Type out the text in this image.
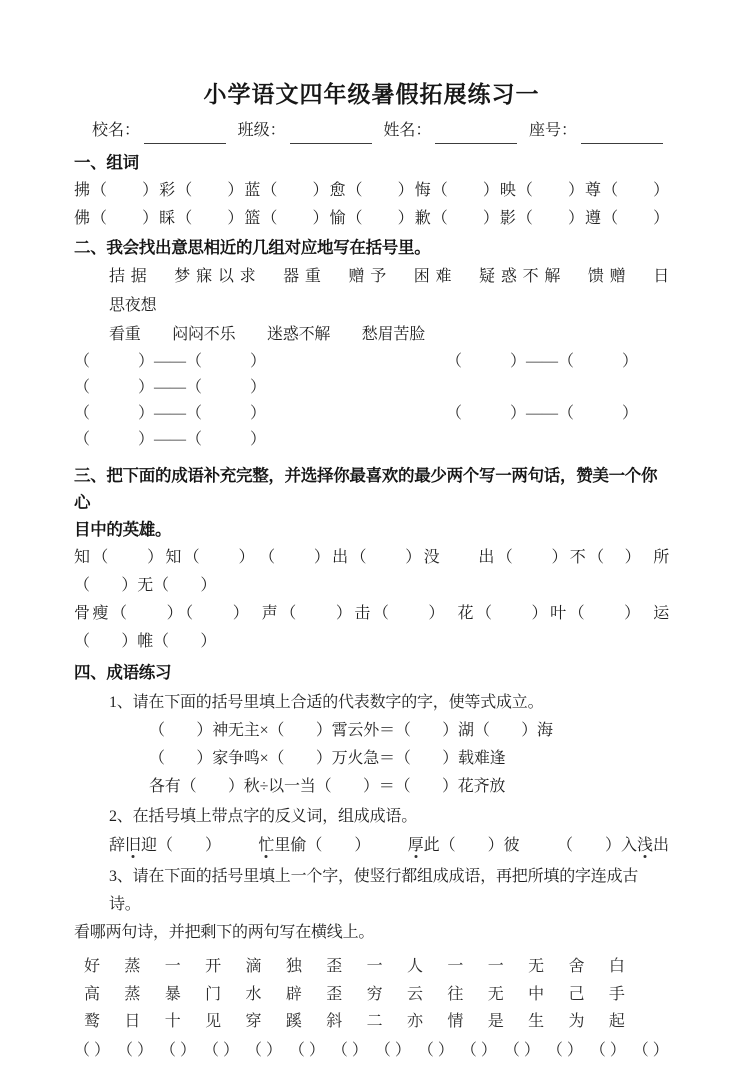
小学语文四年级暑假拓展练习一
校名：	班级：	姓名：	座号：
一、组词
拂（　　）彩（　　）蓝（　　）愈（　　）悔（　　）映（　　）尊（　　）
佛（　　）睬（　　）篮（　　）愉（　　）歉（　　）影（　　）遵（　　）
二、我会找出意思相近的几组对应地写在括号里。
拮据　梦寐以求　器重　赠予　困难　疑惑不解　馈赠　日
思夜想
看重　　闷闷不乐　　迷惑不解　　愁眉苦脸
（　　　）——（　　　）	（　　　）——（　　　）
（　　　）——（　　　）
（　　　）——（　　　）	（　　　）——（　　　）
（　　　）——（　　　）
三、把下面的成语补充完整，并选择你最喜欢的最少两个写一两句话，赞美一个你心
目中的英雄。
知（　　）知（　　）　（　　）出（　　）没　　出（　　）不（　）　所
（　　）无（　　）
骨瘦（　　）（　　）　声（　　）击（　　）　花（　　）叶（　　）　运
（　　）帷（　　）
四、成语练习
1、请在下面的括号里填上合适的代表数字的字，使等式成立。
（　　）神无主×（　　）霄云外＝（　　）湖（　　）海
（　　）家争鸣×（　　）万火急＝（　　）载难逢
各有（　　）秋÷以一当（　　）＝（　　）花齐放
2、在括号填上带点字的反义词，组成成语。
辞旧迎（　　） 忙里偷（　　） 厚此（　　）彼 （　　）入浅出
3、请在下面的括号里填上一个字，使竖行都组成成语，再把所填的字连成古诗。
看哪两句诗，并把剩下的两句写在横线上。
好 蒸 一 开 滴 独 歪 一 人 一 一 无 舍 白
高 蒸 暴 门 水 辟 歪 穷 云 往 无 中 己 手
鹜 日 十 见 穿 蹊 斜 二 亦 情 是 生 为 起
（ ） （ ） （ ） （ ） （ ） （ ） （ ） （ ） （ ） （ ） （ ） （ ） （ ） （ ）
